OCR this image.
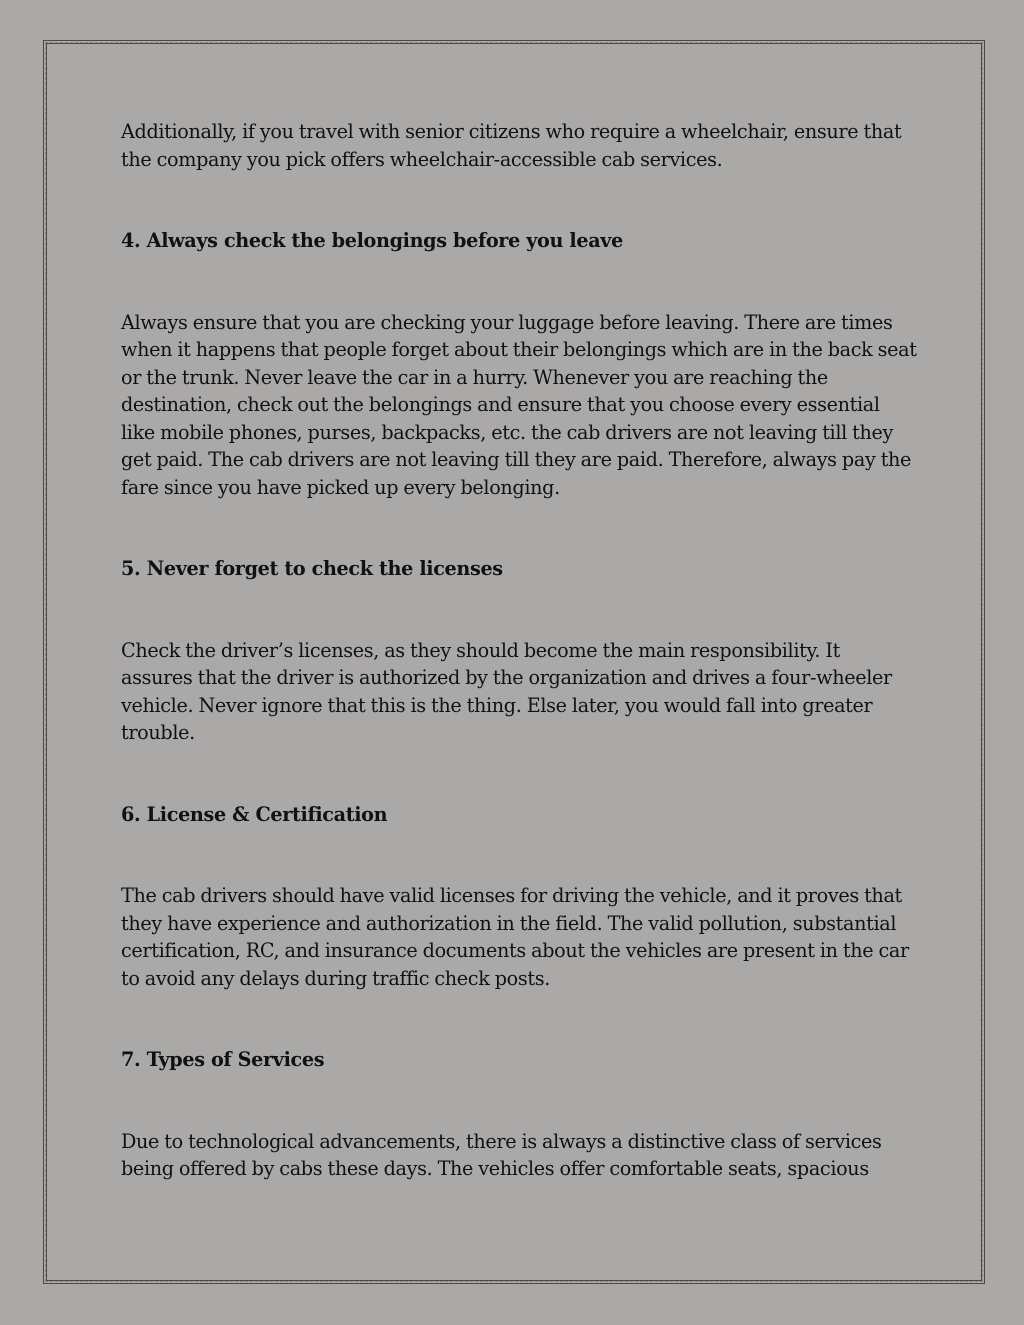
Additionally, if you travel with senior citizens who require a wheelchair, ensure that
the company you pick offers wheelchair-accessible cab services.

4. Always check the belongings before you leave

Always ensure that you are checking your luggage before leaving. There are times
when it happens that people forget about their belongings which are in the back seat
or the trunk. Never leave the car in a hurry. Whenever you are reaching the
destination, check out the belongings and ensure that you choose every essential
like mobile phones, purses, backpacks, etc. the cab drivers are not leaving till they
get paid. The cab drivers are not leaving till they are paid. Therefore, always pay the
fare since you have picked up every belonging.

5. Never forget to check the licenses

Check the driver’s licenses, as they should become the main responsibility. It
assures that the driver is authorized by the organization and drives a four-wheeler
vehicle. Never ignore that this is the thing. Else later, you would fall into greater
trouble.

6. License & Certification

The cab drivers should have valid licenses for driving the vehicle, and it proves that
they have experience and authorization in the field. The valid pollution, substantial
certification, RC, and insurance documents about the vehicles are present in the car
to avoid any delays during traffic check posts.

7. Types of Services

Due to technological advancements, there is always a distinctive class of services
being offered by cabs these days. The vehicles offer comfortable seats, spacious
